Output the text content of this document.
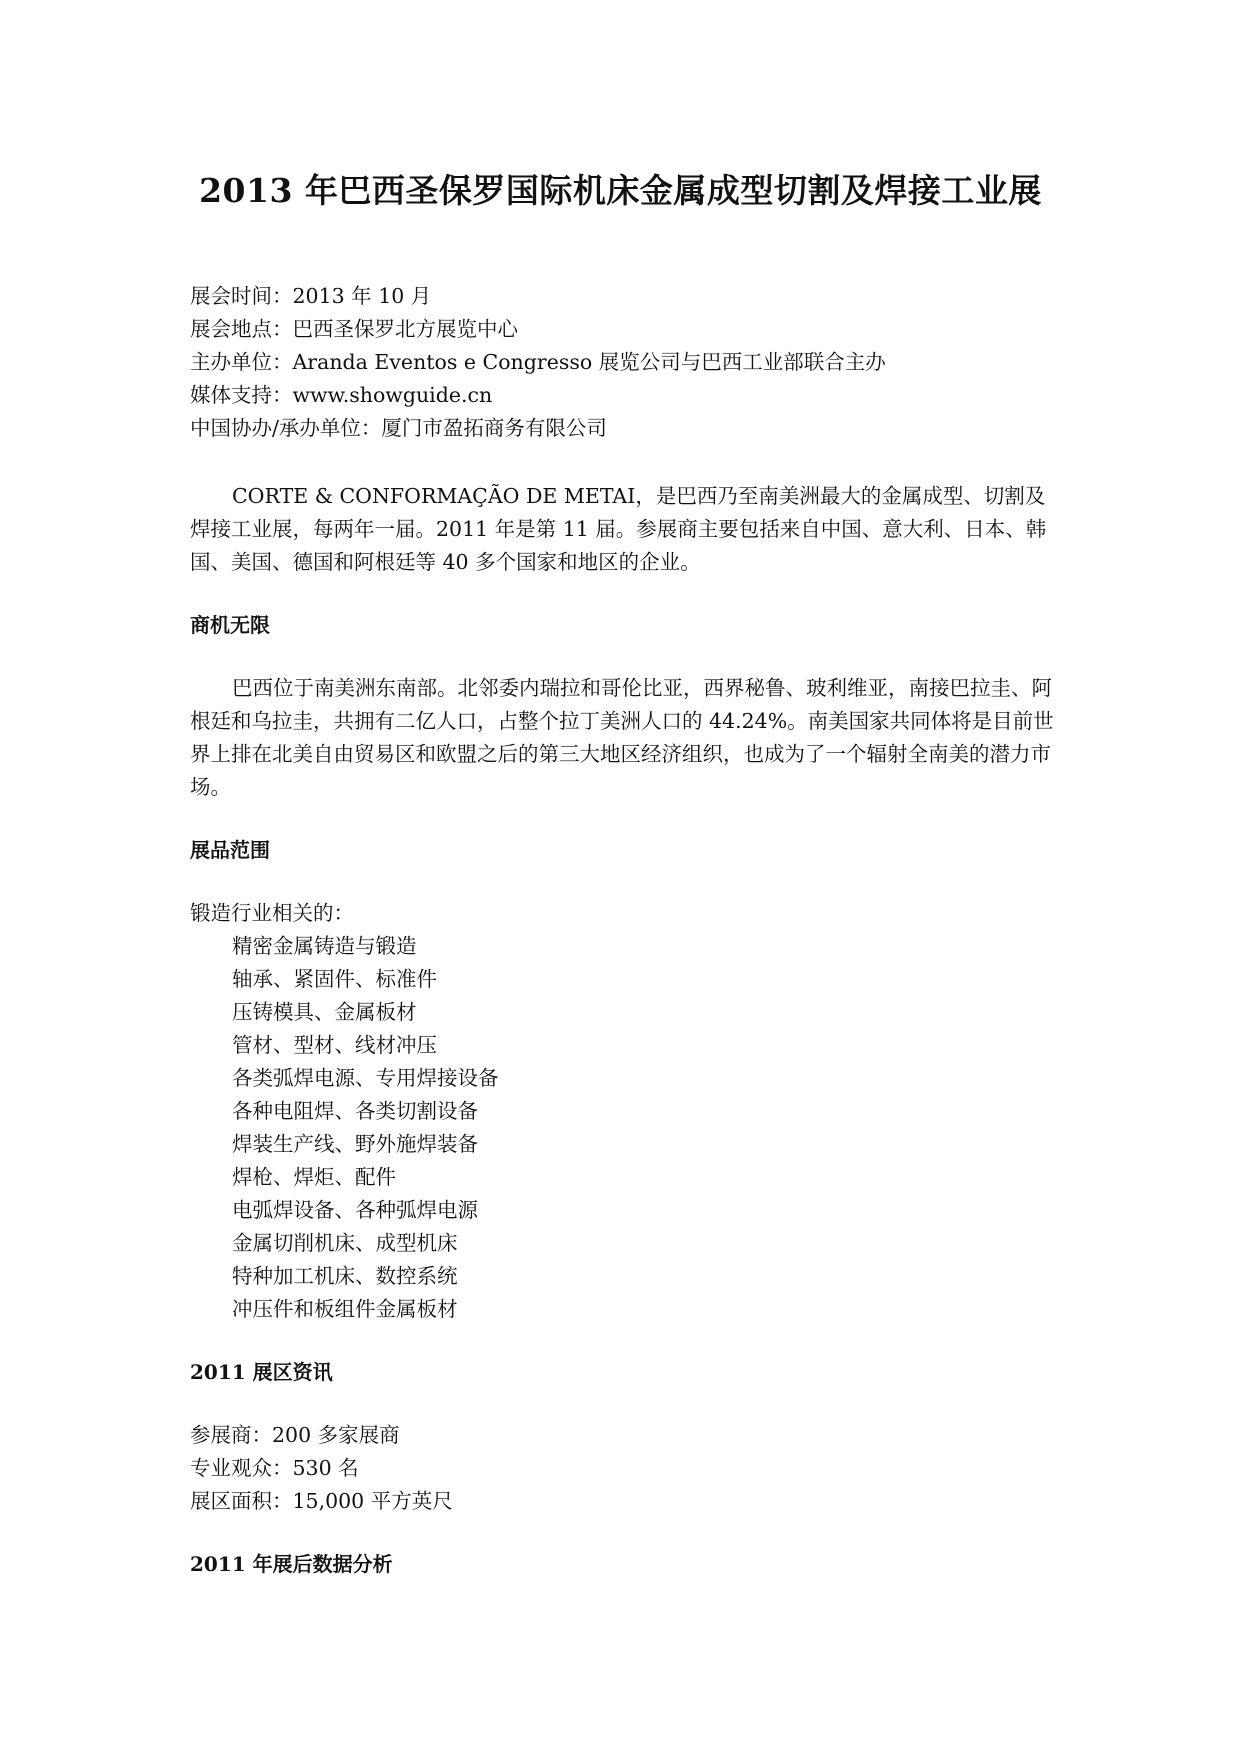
2013 年巴西圣保罗国际机床金属成型切割及焊接工业展

展会时间：2013 年 10 月

展会地点：巴西圣保罗北方展览中心

主办单位：Aranda Eventos e Congresso 展览公司与巴西工业部联合主办

媒体支持：www.showguide.cn

中国协办/承办单位：厦门市盈拓商务有限公司

CORTE & CONFORMAÇÃO DE METAI，是巴西乃至南美洲最大的金属成型、切割及焊接工业展，每两年一届。2011 年是第 11 届。参展商主要包括来自中国、意大利、日本、韩国、美国、德国和阿根廷等 40 多个国家和地区的企业。

商机无限

巴西位于南美洲东南部。北邻委内瑞拉和哥伦比亚，西界秘鲁、玻利维亚，南接巴拉圭、阿根廷和乌拉圭，共拥有二亿人口，占整个拉丁美洲人口的 44.24%。南美国家共同体将是目前世界上排在北美自由贸易区和欧盟之后的第三大地区经济组织，也成为了一个辐射全南美的潜力市场。

展品范围

锻造行业相关的：

精密金属铸造与锻造
轴承、紧固件、标准件
压铸模具、金属板材
管材、型材、线材冲压
各类弧焊电源、专用焊接设备
各种电阻焊、各类切割设备
焊装生产线、野外施焊装备
焊枪、焊炬、配件
电弧焊设备、各种弧焊电源
金属切削机床、成型机床
特种加工机床、数控系统
冲压件和板组件金属板材

2011 展区资讯

参展商：200 多家展商

专业观众：530 名

展区面积：15,000 平方英尺

2011 年展后数据分析
